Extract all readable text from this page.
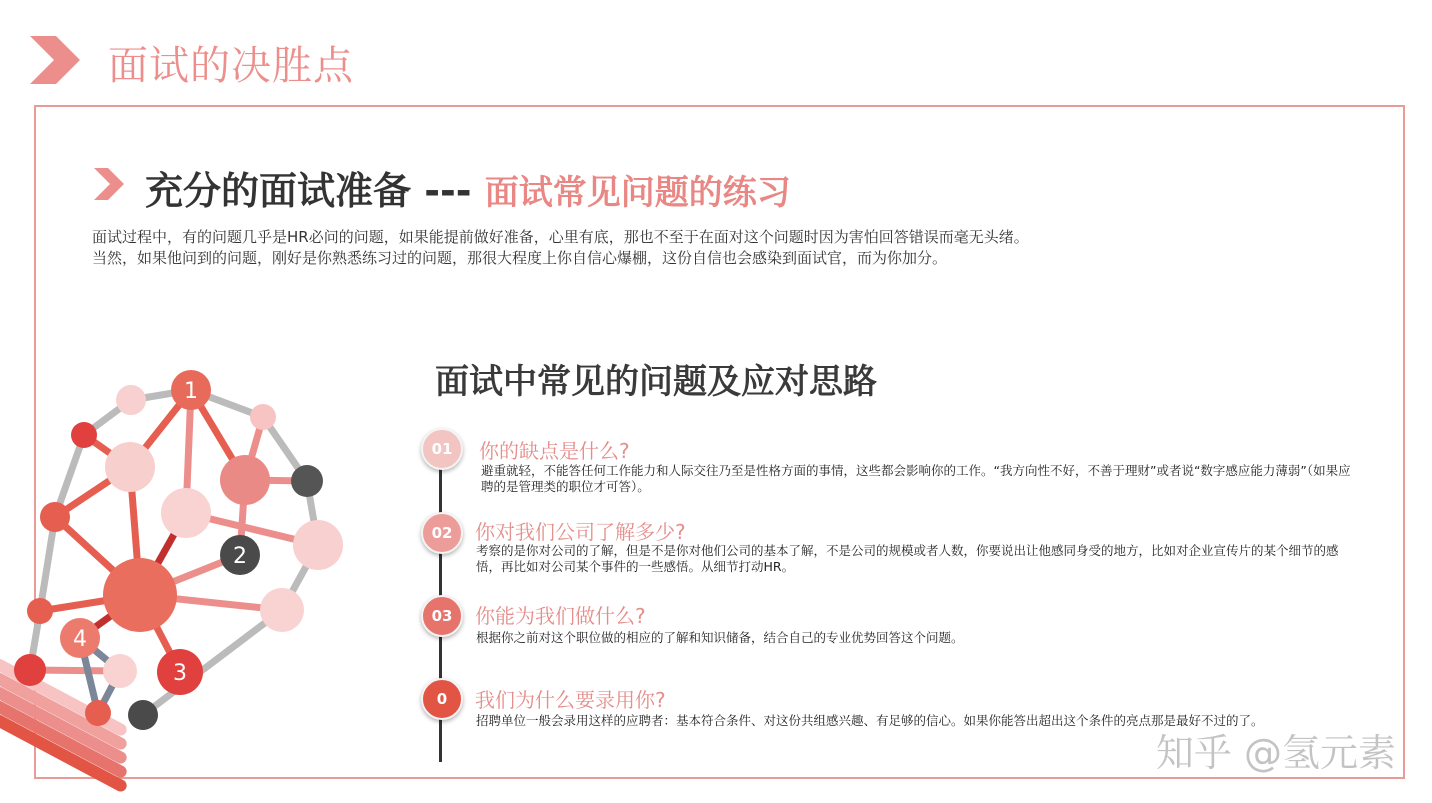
面试的决胜点
充分的面试准备 --- 面试常见问题的练习
面试过程中，有的问题几乎是HR必问的问题，如果能提前做好准备，心里有底，那也不至于在面对这个问题时因为害怕回答错误而毫无头绪。
当然，如果他问到的问题，刚好是你熟悉练习过的问题，那很大程度上你自信心爆棚，这份自信也会感染到面试官，而为你加分。
面试中常见的问题及应对思路
01	你的缺点是什么?
避重就轻，不能答任何工作能力和人际交往乃至是性格方面的事情，这些都会影响你的工作。“我方向性不好，不善于理财”或者说“数字感应能力薄弱”（如果应聘的是管理类的职位才可答）。
02	你对我们公司了解多少?
考察的是你对公司的了解，但是不是你对他们公司的基本了解，不是公司的规模或者人数，你要说出让他感同身受的地方，比如对企业宣传片的某个细节的感悟，再比如对公司某个事件的一些感悟。从细节打动HR。
03	你能为我们做什么?
根据你之前对这个职位做的相应的了解和知识储备，结合自己的专业优势回答这个问题。
0	我们为什么要录用你?
招聘单位一般会录用这样的应聘者：基本符合条件、对这份共组感兴趣、有足够的信心。如果你能答出超出这个条件的亮点那是最好不过的了。
1
2
4
3
知乎 @氢元素
